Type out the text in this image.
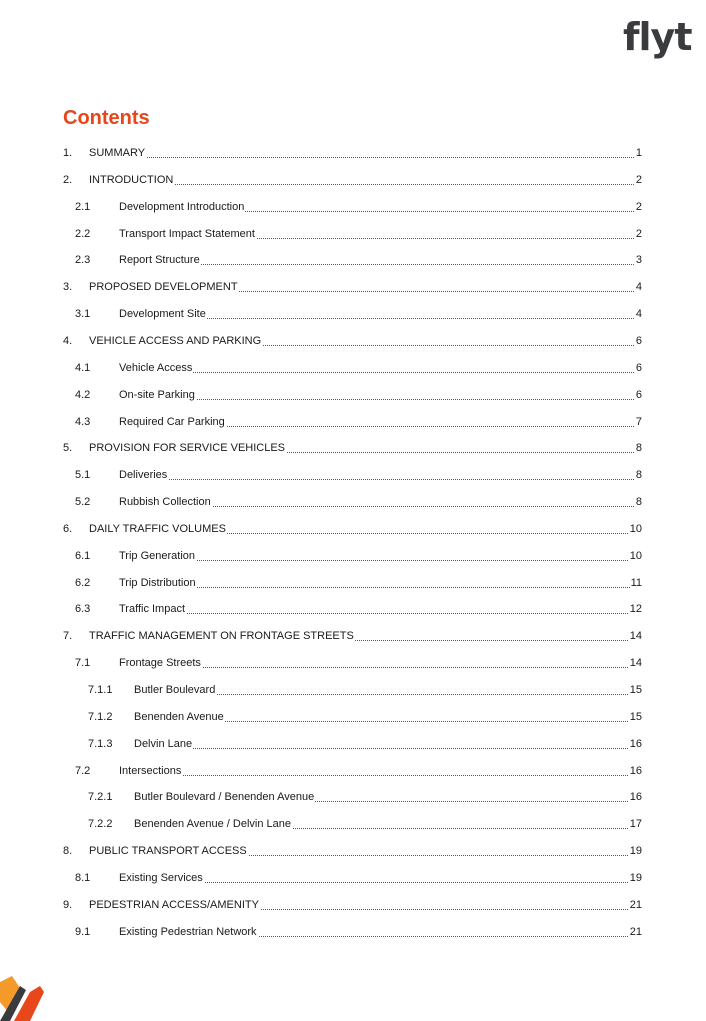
flyt
Contents
1. SUMMARY	1
2. INTRODUCTION	2
2.1	Development Introduction	2
2.2	Transport Impact Statement	2
2.3	Report Structure	3
3. PROPOSED DEVELOPMENT	4
3.1	Development Site	4
4. VEHICLE ACCESS AND PARKING	6
4.1	Vehicle Access	6
4.2	On-site Parking	6
4.3	Required Car Parking	7
5. PROVISION FOR SERVICE VEHICLES	8
5.1	Deliveries	8
5.2	Rubbish Collection	8
6. DAILY TRAFFIC VOLUMES	10
6.1	Trip Generation	10
6.2	Trip Distribution	11
6.3	Traffic Impact	12
7. TRAFFIC MANAGEMENT ON FRONTAGE STREETS	14
7.1	Frontage Streets	14
7.1.1 Butler Boulevard	15
7.1.2 Benenden Avenue	15
7.1.3 Delvin Lane	16
7.2	Intersections	16
7.2.1 Butler Boulevard / Benenden Avenue	16
7.2.2 Benenden Avenue / Delvin Lane	17
8. PUBLIC TRANSPORT ACCESS	19
8.1	Existing Services	19
9. PEDESTRIAN ACCESS/AMENITY	21
9.1	Existing Pedestrian Network	21
